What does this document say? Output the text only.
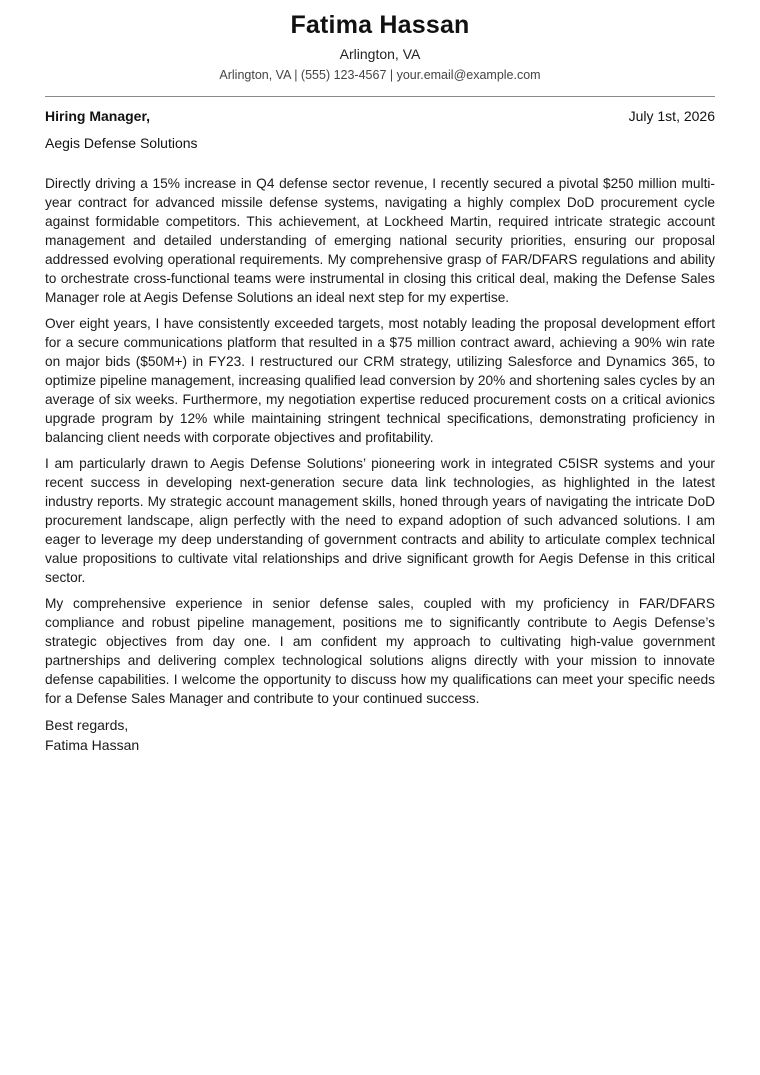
Fatima Hassan
Arlington, VA
Arlington, VA | (555) 123-4567 | your.email@example.com
Hiring Manager,	July 1st, 2026
Aegis Defense Solutions

Directly driving a 15% increase in Q4 defense sector revenue, I recently secured a pivotal $250 million multi-year contract for advanced missile defense systems, navigating a highly complex DoD procurement cycle against formidable competitors. This achievement, at Lockheed Martin, required intricate strategic account management and detailed understanding of emerging national security priorities, ensuring our proposal addressed evolving operational requirements. My comprehensive grasp of FAR/DFARS regulations and ability to orchestrate cross-functional teams were instrumental in closing this critical deal, making the Defense Sales Manager role at Aegis Defense Solutions an ideal next step for my expertise.

Over eight years, I have consistently exceeded targets, most notably leading the proposal development effort for a secure communications platform that resulted in a $75 million contract award, achieving a 90% win rate on major bids ($50M+) in FY23. I restructured our CRM strategy, utilizing Salesforce and Dynamics 365, to optimize pipeline management, increasing qualified lead conversion by 20% and shortening sales cycles by an average of six weeks. Furthermore, my negotiation expertise reduced procurement costs on a critical avionics upgrade program by 12% while maintaining stringent technical specifications, demonstrating proficiency in balancing client needs with corporate objectives and profitability.

I am particularly drawn to Aegis Defense Solutions’ pioneering work in integrated C5ISR systems and your recent success in developing next-generation secure data link technologies, as highlighted in the latest industry reports. My strategic account management skills, honed through years of navigating the intricate DoD procurement landscape, align perfectly with the need to expand adoption of such advanced solutions. I am eager to leverage my deep understanding of government contracts and ability to articulate complex technical value propositions to cultivate vital relationships and drive significant growth for Aegis Defense in this critical sector.

My comprehensive experience in senior defense sales, coupled with my proficiency in FAR/DFARS compliance and robust pipeline management, positions me to significantly contribute to Aegis Defense’s strategic objectives from day one. I am confident my approach to cultivating high-value government partnerships and delivering complex technological solutions aligns directly with your mission to innovate defense capabilities. I welcome the opportunity to discuss how my qualifications can meet your specific needs for a Defense Sales Manager and contribute to your continued success.

Best regards,
Fatima Hassan
